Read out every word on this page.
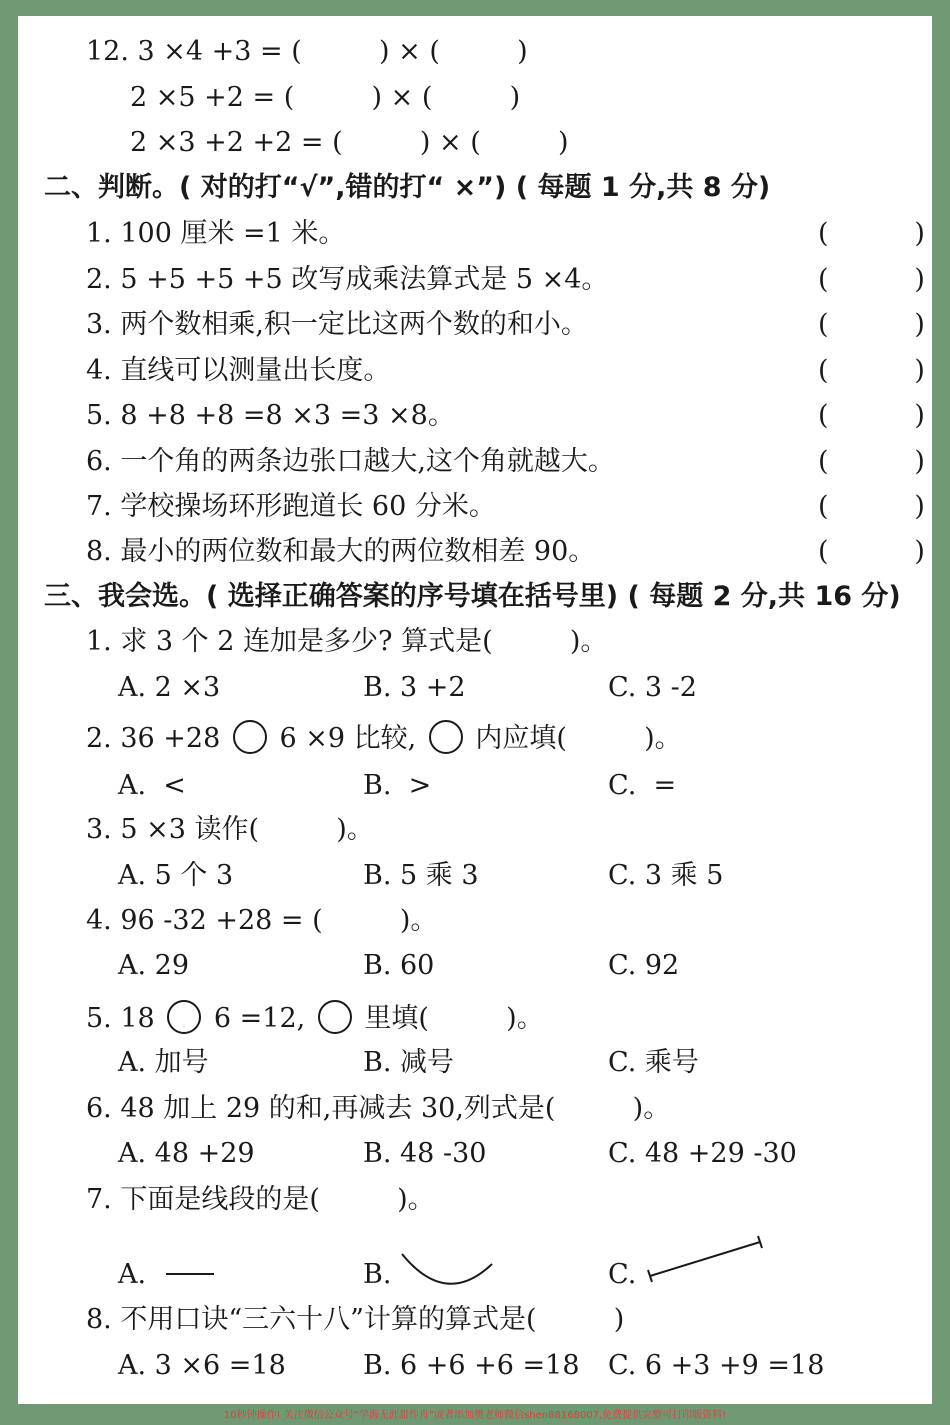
12. 3 ×4 +3 = (         ) × (         )
2 ×5 +2 = (         ) × (         )
2 ×3 +2 +2 = (         ) × (         )
二、判断。( 对的打“√”,错的打“ ×”) ( 每题 1 分,共 8 分)
1. 100 厘米 =1 米。	(          )
2. 5 +5 +5 +5 改写成乘法算式是 5 ×4。	(          )
3. 两个数相乘,积一定比这两个数的和小。	(          )
4. 直线可以测量出长度。	(          )
5. 8 +8 +8 =8 ×3 =3 ×8。	(          )
6. 一个角的两条边张口越大,这个角就越大。	(          )
7. 学校操场环形跑道长 60 分米。	(          )
8. 最小的两位数和最大的两位数相差 90。	(          )
三、我会选。( 选择正确答案的序号填在括号里) ( 每题 2 分,共 16 分)
1. 求 3 个 2 连加是多少? 算式是(         )。
A. 2 ×3	B. 3 +2	C. 3 -2
2. 36 +28 6 ×9 比较, 内应填(         )。
A.  <	B.  >	C.  =
3. 5 ×3 读作(         )。
A. 5 个 3	B. 5 乘 3	C. 3 乘 5
4. 96 -32 +28 = (         )。
A. 29	B. 60	C. 92
5. 18 6 =12, 里填(         )。
A. 加号	B. 减号	C. 乘号
6. 48 加上 29 的和,再减去 30,列式是(         )。
A. 48 +29	B. 48 -30	C. 48 +29 -30
7. 下面是线段的是(         )。
A.	B.	C.
8. 不用口诀“三六十八”计算的算式是(         )
A. 3 ×6 =18	B. 6 +6 +6 =18 C. 6 +3 +9 =18
10秒钟操作! 关注微信公众号“学海无涯甜作舟”或者添加樊老师微信shen88168007,免费提供完整可打印版资料!
